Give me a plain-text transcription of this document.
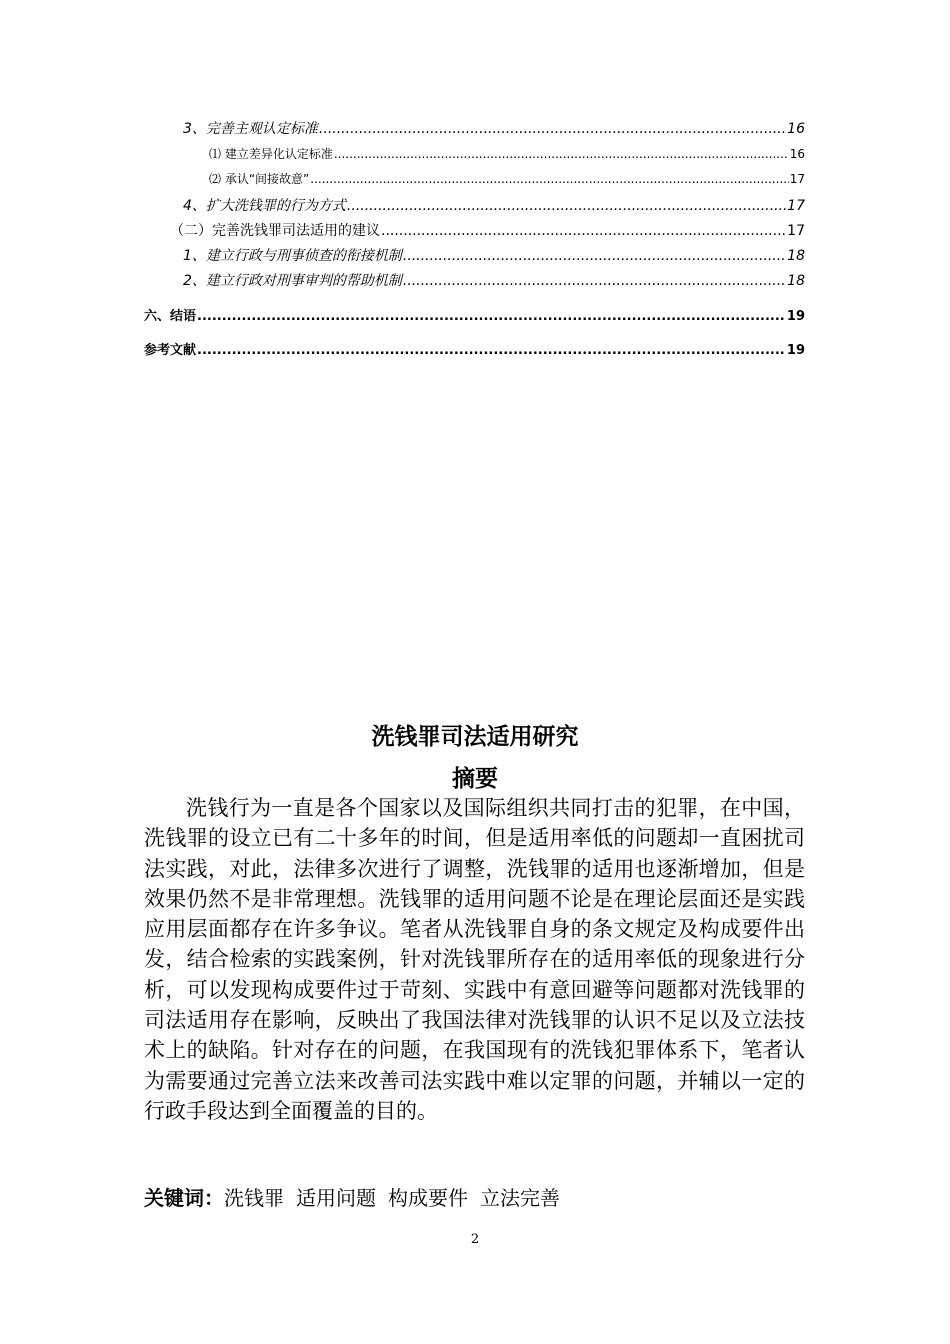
3、完善主观认定标准 .....	16
⑴ 建立差异化认定标准 .....	16
⑵ 承认“间接故意” .....	17
4、扩大洗钱罪的行为方式 .....	17
（二）完善洗钱罪司法适用的建议 .....	17
1、建立行政与刑事侦查的衔接机制 .....	18
2、建立行政对刑事审判的帮助机制 .....	18
六、结语 .....	19
参考文献 .....	19
洗钱罪司法适用研究
摘要
洗钱行为一直是各个国家以及国际组织共同打击的犯罪，在中国，洗钱罪的设立已有二十多年的时间，但是适用率低的问题却一直困扰司法实践，对此，法律多次进行了调整，洗钱罪的适用也逐渐增加，但是效果仍然不是非常理想。洗钱罪的适用问题不论是在理论层面还是实践应用层面都存在许多争议。笔者从洗钱罪自身的条文规定及构成要件出发，结合检索的实践案例，针对洗钱罪所存在的适用率低的现象进行分析，可以发现构成要件过于苛刻、实践中有意回避等问题都对洗钱罪的司法适用存在影响，反映出了我国法律对洗钱罪的认识不足以及立法技术上的缺陷。针对存在的问题，在我国现有的洗钱犯罪体系下，笔者认为需要通过完善立法来改善司法实践中难以定罪的问题，并辅以一定的行政手段达到全面覆盖的目的。
关键词：洗钱罪 适用问题 构成要件 立法完善
2
